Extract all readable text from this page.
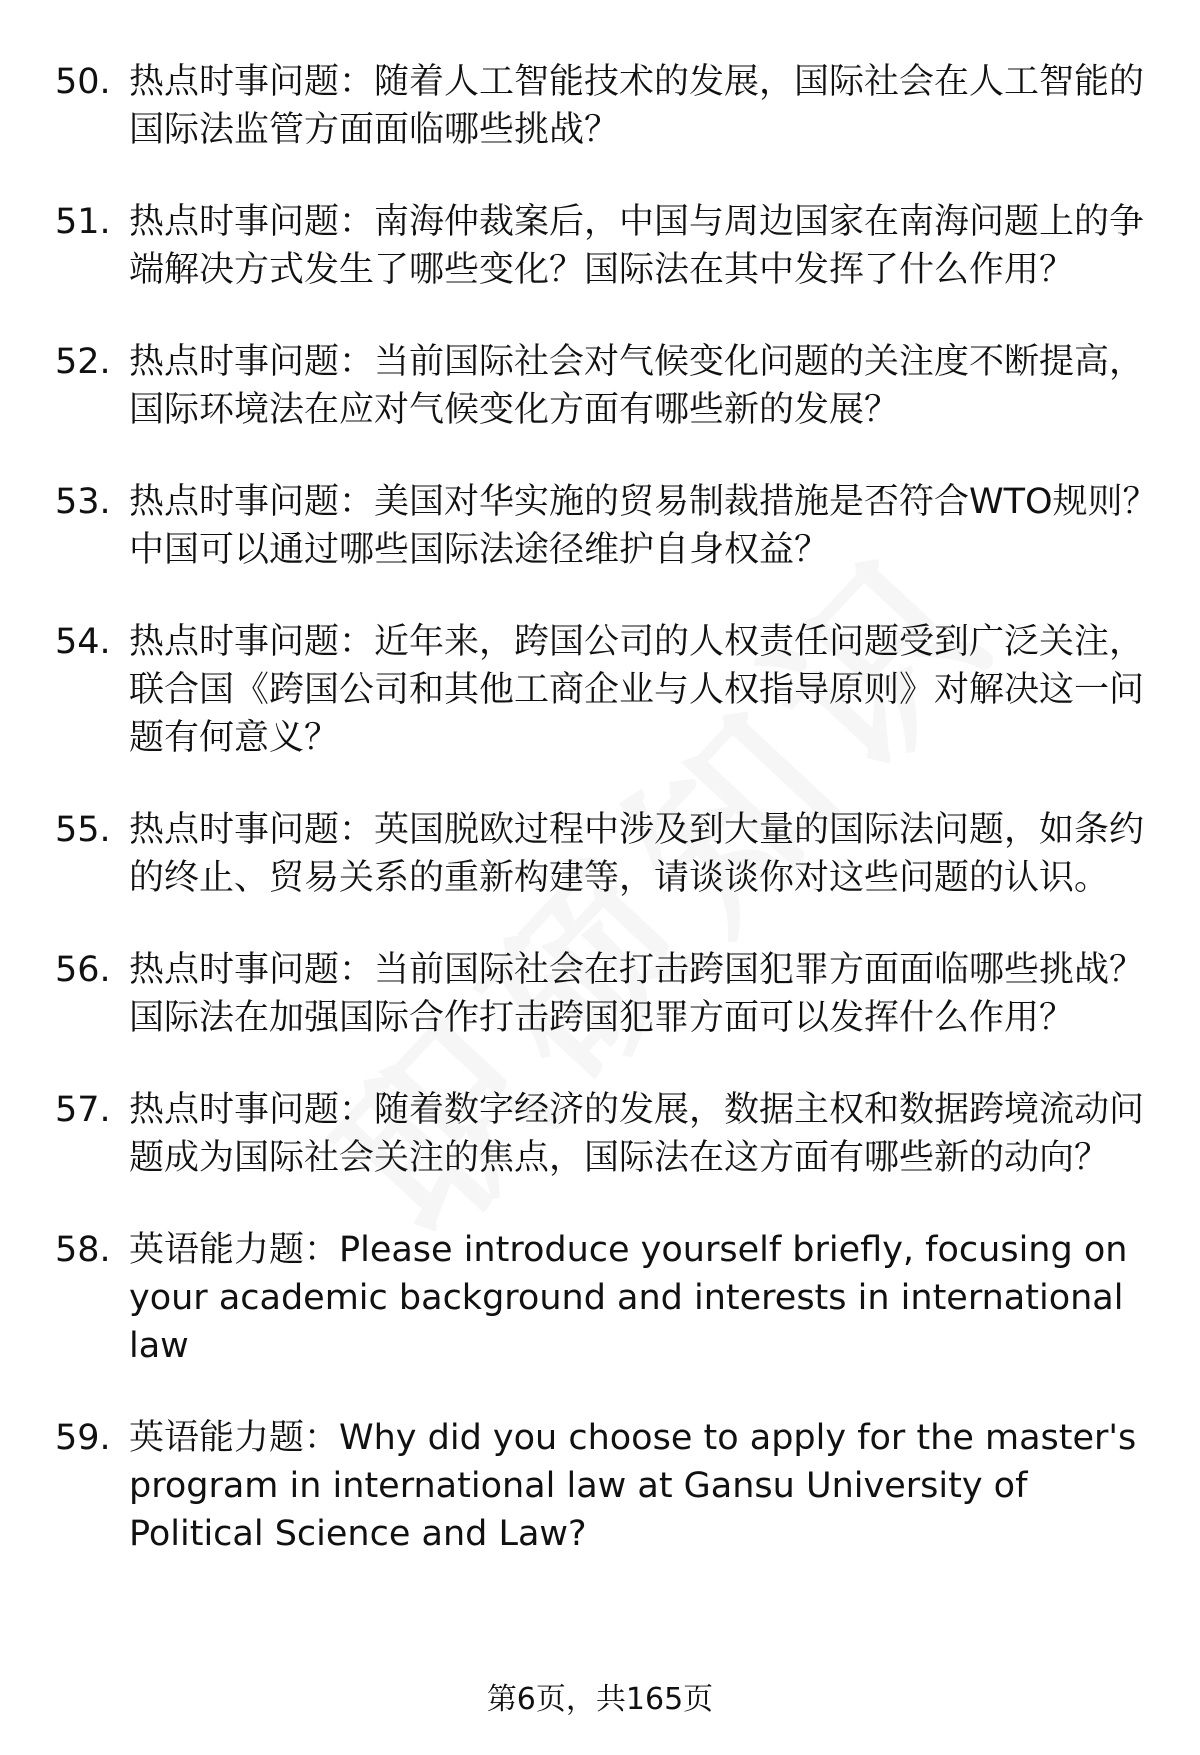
50. 热点时事问题：随着人工智能技术的发展，国际社会在人工智能的国际法监管方面面临哪些挑战？
51. 热点时事问题：南海仲裁案后，中国与周边国家在南海问题上的争端解决方式发生了哪些变化？国际法在其中发挥了什么作用？
52. 热点时事问题：当前国际社会对气候变化问题的关注度不断提高，国际环境法在应对气候变化方面有哪些新的发展？
53. 热点时事问题：美国对华实施的贸易制裁措施是否符合WTO规则？中国可以通过哪些国际法途径维护自身权益？
54. 热点时事问题：近年来，跨国公司的人权责任问题受到广泛关注，联合国《跨国公司和其他工商企业与人权指导原则》对解决这一问题有何意义？
55. 热点时事问题：英国脱欧过程中涉及到大量的国际法问题，如条约的终止、贸易关系的重新构建等，请谈谈你对这些问题的认识。
56. 热点时事问题：当前国际社会在打击跨国犯罪方面面临哪些挑战？国际法在加强国际合作打击跨国犯罪方面可以发挥什么作用？
57. 热点时事问题：随着数字经济的发展，数据主权和数据跨境流动问题成为国际社会关注的焦点，国际法在这方面有哪些新的动向？
58. 英语能力题：Please introduce yourself briefly, focusing on your academic background and interests in international law
59. 英语能力题：Why did you choose to apply for the master's program in international law at Gansu University of Political Science and Law?
第6页，共165页
